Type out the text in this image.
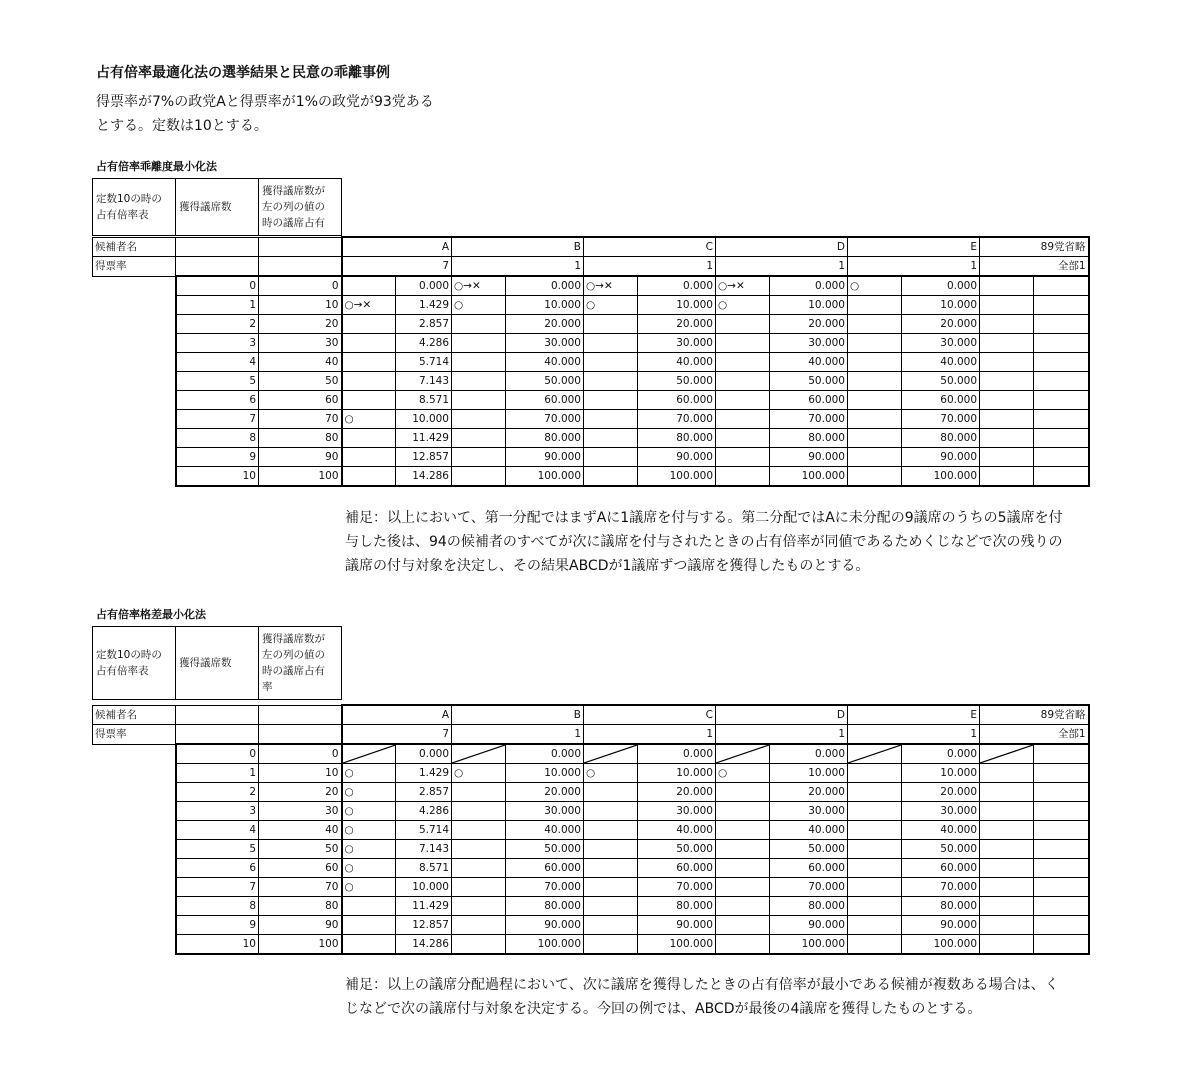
占有倍率最適化法の選挙結果と民意の乖離事例
得票率が7%の政党Aと得票率が1%の政党が93党ある
とする。定数は10とする。
占有倍率乖離度最小化法
定数10の時の
占有倍率表
	獲得議席数	
獲得議席数が
左の列の値の
時の議席占有
候補者名			A		B		C		D		E		89党省略	
得票率			7		1		1		1		1		全部1	
	0	0		0.000	○→✕	0.000	○→✕	0.000	○→✕	0.000	○	0.000		
	1	10	○→✕	1.429	○	10.000	○	10.000	○	10.000		10.000		
	2	20		2.857		20.000		20.000		20.000		20.000		
	3	30		4.286		30.000		30.000		30.000		30.000		
	4	40		5.714		40.000		40.000		40.000		40.000		
	5	50		7.143		50.000		50.000		50.000		50.000		
	6	60		8.571		60.000		60.000		60.000		60.000		
	7	70	○	10.000		70.000		70.000		70.000		70.000		
	8	80		11.429		80.000		80.000		80.000		80.000		
	9	90		12.857		90.000		90.000		90.000		90.000		
	10	100		14.286		100.000		100.000		100.000		100.000		
補足：以上において、第一分配ではまずAに1議席を付与する。第二分配ではAに未分配の9議席のうちの5議席を付
与した後は、94の候補者のすべてが次に議席を付与されたときの占有倍率が同値であるためくじなどで次の残りの
議席の付与対象を決定し、その結果ABCDが1議席ずつ議席を獲得したものとする。
占有倍率格差最小化法
定数10の時の
占有倍率表
	獲得議席数	
獲得議席数が
左の列の値の
時の議席占有
率
候補者名			A		B		C		D		E		89党省略	
得票率			7		1		1		1		1		全部1	
	0	0		0.000		0.000		0.000		0.000		0.000	

	1	10	○	1.429	○	10.000	○	10.000	○	10.000		10.000		
	2	20	○	2.857		20.000		20.000		20.000		20.000		
	3	30	○	4.286		30.000		30.000		30.000		30.000		
	4	40	○	5.714		40.000		40.000		40.000		40.000		
	5	50	○	7.143		50.000		50.000		50.000		50.000		
	6	60	○	8.571		60.000		60.000		60.000		60.000		
	7	70	○	10.000		70.000		70.000		70.000		70.000		
	8	80		11.429		80.000		80.000		80.000		80.000		
	9	90		12.857		90.000		90.000		90.000		90.000		
	10	100		14.286		100.000		100.000		100.000		100.000		
補足：以上の議席分配過程において、次に議席を獲得したときの占有倍率が最小である候補が複数ある場合は、く
じなどで次の議席付与対象を決定する。今回の例では、ABCDが最後の4議席を獲得したものとする。
